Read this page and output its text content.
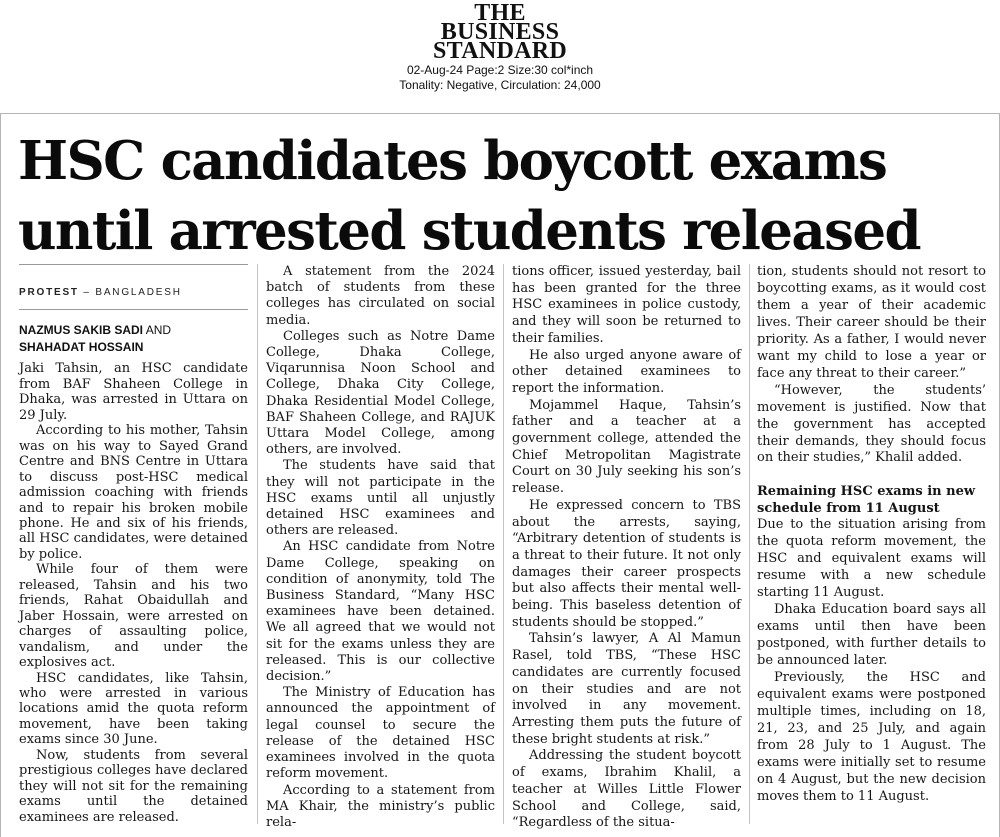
THE
BUSINESS
STANDARD
02-Aug-24 Page:2 Size:30 col*inch
Tonality: Negative, Circulation: 24,000
HSC candidates boycott exams until arrested students released
PROTEST – BANGLADESH
NAZMUS SAKIB SADI AND
SHAHADAT HOSSAIN

Jaki Tahsin, an HSC candidate from BAF Shaheen College in Dhaka, was arrested in Uttara on 29 July.

According to his mother, Tahsin was on his way to Sayed Grand Centre and BNS Centre in Uttara to discuss post-HSC medical admission coaching with friends and to repair his broken mobile phone. He and six of his friends, all HSC candidates, were detained by police.

While four of them were released, Tahsin and his two friends, Rahat Obaidullah and Jaber Hossain, were arrested on charges of assaulting police, vandalism, and under the explosives act.

HSC candidates, like Tahsin, who were arrested in various locations amid the quota reform movement, have been taking exams since 30 June.

Now, students from several prestigious colleges have declared they will not sit for the remaining exams until the detained examinees are released.

A statement from the 2024 batch of students from these colleges has circulated on social media.

Colleges such as Notre Dame College, Dhaka College, Viqarunnisa Noon School and College, Dhaka City College, Dhaka Residential Model College, BAF Shaheen College, and RAJUK Uttara Model College, among others, are involved.

The students have said that they will not participate in the HSC exams until all unjustly detained HSC examinees and others are released.

An HSC candidate from Notre Dame College, speaking on condition of anonymity, told The Business Standard, “Many HSC examinees have been detained. We all agreed that we would not sit for the exams unless they are released. This is our collective decision.”

The Ministry of Education has announced the appointment of legal counsel to secure the release of the detained HSC examinees involved in the quota reform movement.

According to a statement from MA Khair, the ministry’s public rela-

tions officer, issued yesterday, bail has been granted for the three HSC examinees in police custody, and they will soon be returned to their families.

He also urged anyone aware of other detained examinees to report the information.

Mojammel Haque, Tahsin’s father and a teacher at a government college, attended the Chief Metropolitan Magistrate Court on 30 July seeking his son’s release.

He expressed concern to TBS about the arrests, saying, “Arbitrary detention of students is a threat to their future. It not only damages their career prospects but also affects their mental well-being. This baseless detention of students should be stopped.”

Tahsin’s lawyer, A Al Mamun Rasel, told TBS, “These HSC candidates are currently focused on their studies and are not involved in any movement. Arresting them puts the future of these bright students at risk.”

Addressing the student boycott of exams, Ibrahim Khalil, a teacher at Willes Little Flower School and College, said, “Regardless of the situa-

tion, students should not resort to boycotting exams, as it would cost them a year of their academic lives. Their career should be their priority. As a father, I would never want my child to lose a year or face any threat to their career.”

“However, the students’ movement is justified. Now that the government has accepted their demands, they should focus on their studies,” Khalil added.

Remaining HSC exams in new schedule from 11 August

Due to the situation arising from the quota reform movement, the HSC and equivalent exams will resume with a new schedule starting 11 August.

Dhaka Education board says all exams until then have been postponed, with further details to be announced later.

Previously, the HSC and equivalent exams were postponed multiple times, including on 18, 21, 23, and 25 July, and again from 28 July to 1 August. The exams were initially set to resume on 4 August, but the new decision moves them to 11 August.
